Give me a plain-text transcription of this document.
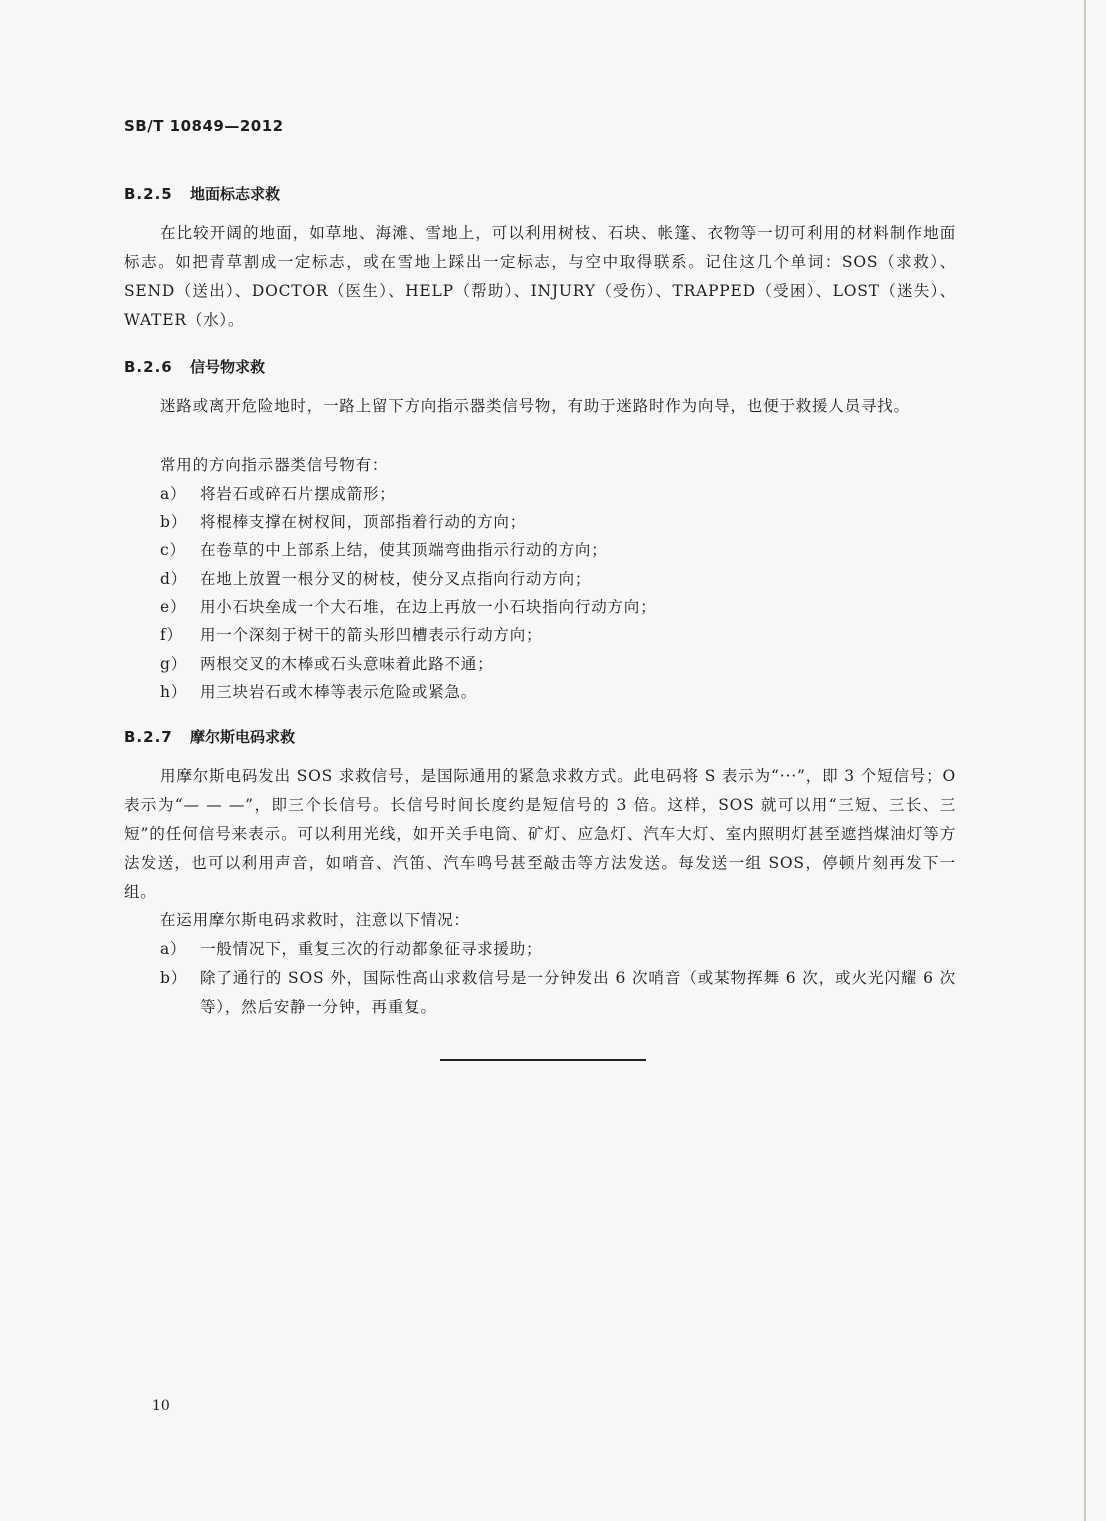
SB/T 10849—2012
B.2.5 地面标志求救
在比较开阔的地面，如草地、海滩、雪地上，可以利用树枝、石块、帐篷、衣物等一切可利用的材料制作地面标志。如把青草割成一定标志，或在雪地上踩出一定标志，与空中取得联系。记住这几个单词：SOS（求救）、SEND（送出）、DOCTOR（医生）、HELP（帮助）、INJURY（受伤）、TRAPPED（受困）、LOST（迷失）、WATER（水）。
B.2.6 信号物求救
迷路或离开危险地时，一路上留下方向指示器类信号物，有助于迷路时作为向导，也便于救援人员寻找。
常用的方向指示器类信号物有：
a） 将岩石或碎石片摆成箭形；
b） 将棍棒支撑在树杈间，顶部指着行动的方向；
c） 在卷草的中上部系上结，使其顶端弯曲指示行动的方向；
d） 在地上放置一根分叉的树枝，使分叉点指向行动方向；
e） 用小石块垒成一个大石堆，在边上再放一小石块指向行动方向；
f） 用一个深刻于树干的箭头形凹槽表示行动方向；
g） 两根交叉的木棒或石头意味着此路不通；
h） 用三块岩石或木棒等表示危险或紧急。
B.2.7 摩尔斯电码求救
用摩尔斯电码发出 SOS 求救信号，是国际通用的紧急求救方式。此电码将 S 表示为“···”，即 3 个短信号；O 表示为“— — —”，即三个长信号。长信号时间长度约是短信号的 3 倍。这样，SOS 就可以用“三短、三长、三短”的任何信号来表示。可以利用光线，如开关手电筒、矿灯、应急灯、汽车大灯、室内照明灯甚至遮挡煤油灯等方法发送，也可以利用声音，如哨音、汽笛、汽车鸣号甚至敲击等方法发送。每发送一组 SOS，停顿片刻再发下一组。
在运用摩尔斯电码求救时，注意以下情况：
a） 一般情况下，重复三次的行动都象征寻求援助；
b） 除了通行的 SOS 外，国际性高山求救信号是一分钟发出 6 次哨音（或某物挥舞 6 次，或火光闪耀 6 次等），然后安静一分钟，再重复。
10
